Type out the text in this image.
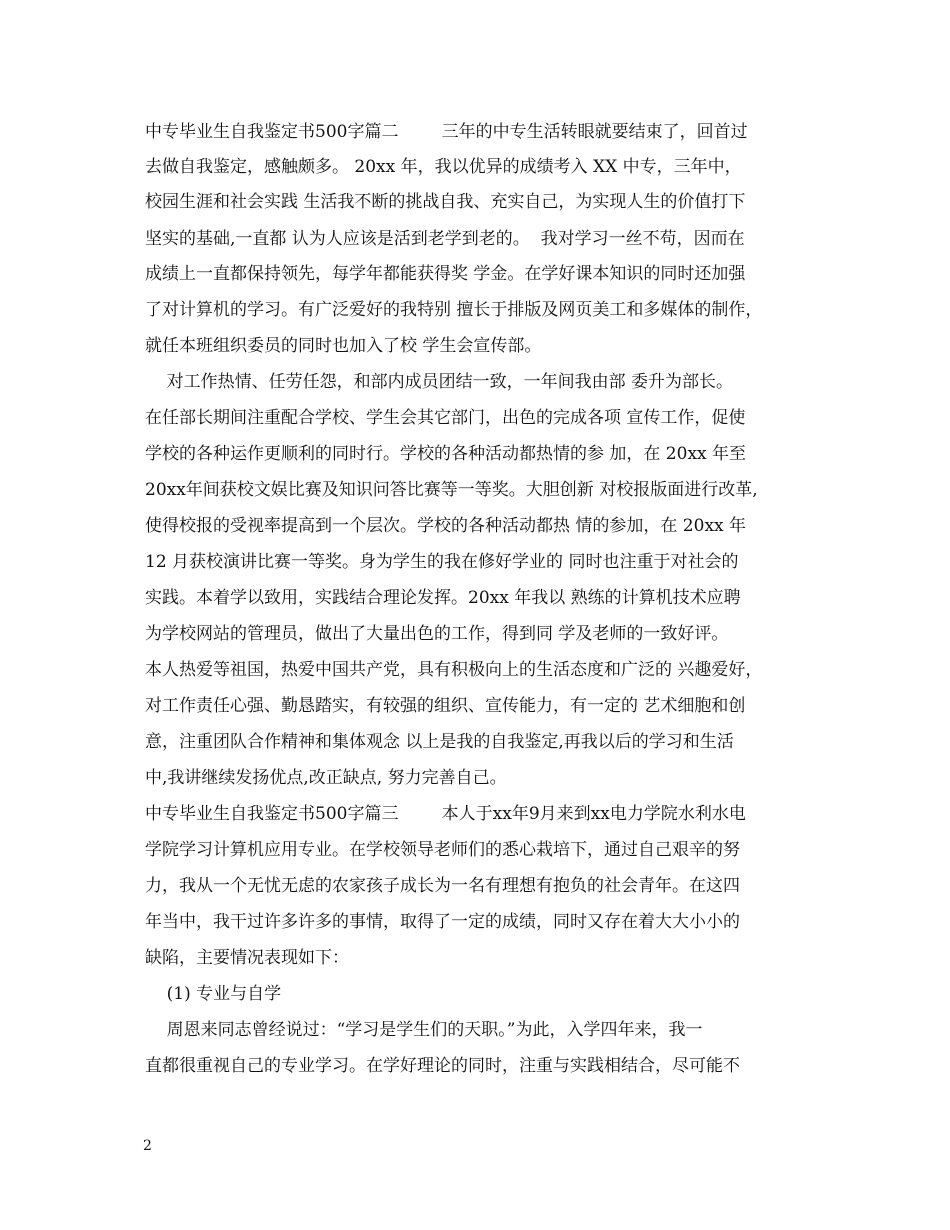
中专毕业生自我鉴定书500字篇二        三年的中专生活转眼就要结束了，回首过
去做自我鉴定，感触颇多。 20xx 年，我以优异的成绩考入 XX 中专，三年中，
校园生涯和社会实践 生活我不断的挑战自我、充实自己，为实现人生的价值打下
坚实的基础,一直都 认为人应该是活到老学到老的。  我对学习一丝不苟，因而在
成绩上一直都保持领先，每学年都能获得奖 学金。在学好课本知识的同时还加强
了对计算机的学习。有广泛爱好的我特别 擅长于排版及网页美工和多媒体的制作，
就任本班组织委员的同时也加入了校 学生会宣传部。
对工作热情、任劳任怨，和部内成员团结一致，一年间我由部 委升为部长。
在任部长期间注重配合学校、学生会其它部门，出色的完成各项 宣传工作，促使
学校的各种运作更顺利的同时行。学校的各种活动都热情的参 加，在 20xx 年至
20xx年间获校文娱比赛及知识问答比赛等一等奖。大胆创新 对校报版面进行改革,
使得校报的受视率提高到一个层次。学校的各种活动都热 情的参加，在 20xx 年
12 月获校演讲比赛一等奖。身为学生的我在修好学业的 同时也注重于对社会的
实践。本着学以致用，实践结合理论发挥。20xx 年我以 熟练的计算机技术应聘
为学校网站的管理员，做出了大量出色的工作，得到同 学及老师的一致好评。
本人热爱等祖国，热爱中国共产党，具有积极向上的生活态度和广泛的 兴趣爱好，
对工作责任心强、勤恳踏实，有较强的组织、宣传能力，有一定的 艺术细胞和创
意，注重团队合作精神和集体观念 以上是我的自我鉴定,再我以后的学习和生活
中,我讲继续发扬优点,改正缺点, 努力完善自己。
中专毕业生自我鉴定书500字篇三        本人于xx年9月来到xx电力学院水利水电
学院学习计算机应用专业。在学校领导老师们的悉心栽培下，通过自己艰辛的努
力，我从一个无忧无虑的农家孩子成长为一名有理想有抱负的社会青年。在这四
年当中，我干过许多许多的事情，取得了一定的成绩，同时又存在着大大小小的
缺陷，主要情况表现如下：
(1) 专业与自学
周恩来同志曾经说过：“学习是学生们的天职。”为此，入学四年来，我一
直都很重视自己的专业学习。在学好理论的同时，注重与实践相结合，尽可能不
2
